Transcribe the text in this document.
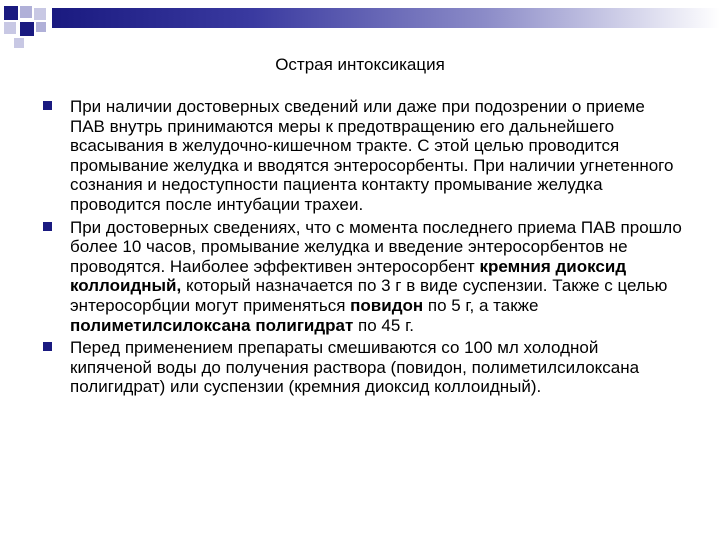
Острая интоксикация
При наличии достоверных сведений или даже при подозрении о приеме ПАВ внутрь принимаются меры к предотвращению его дальнейшего всасывания в желудочно-кишечном тракте. С этой целью проводится промывание желудка и вводятся энтеросорбенты. При наличии угнетенного сознания и недоступности пациента контакту промывание желудка проводится после интубации трахеи.
При достоверных сведениях, что с момента последнего приема ПАВ прошло более 10 часов, промывание желудка и введение энтеросорбентов не проводятся. Наиболее эффективен энтеросорбент кремния диоксид коллоидный, который назначается по 3 г в виде суспензии. Также с целью энтеросорбции могут применяться повидон по 5 г, а также полиметилсилоксана полигидрат по 45 г.
Перед применением препараты смешиваются со 100 мл холодной кипяченой воды до получения раствора (повидон, полиметилсилоксана полигидрат) или суспензии (кремния диоксид коллоидный).
